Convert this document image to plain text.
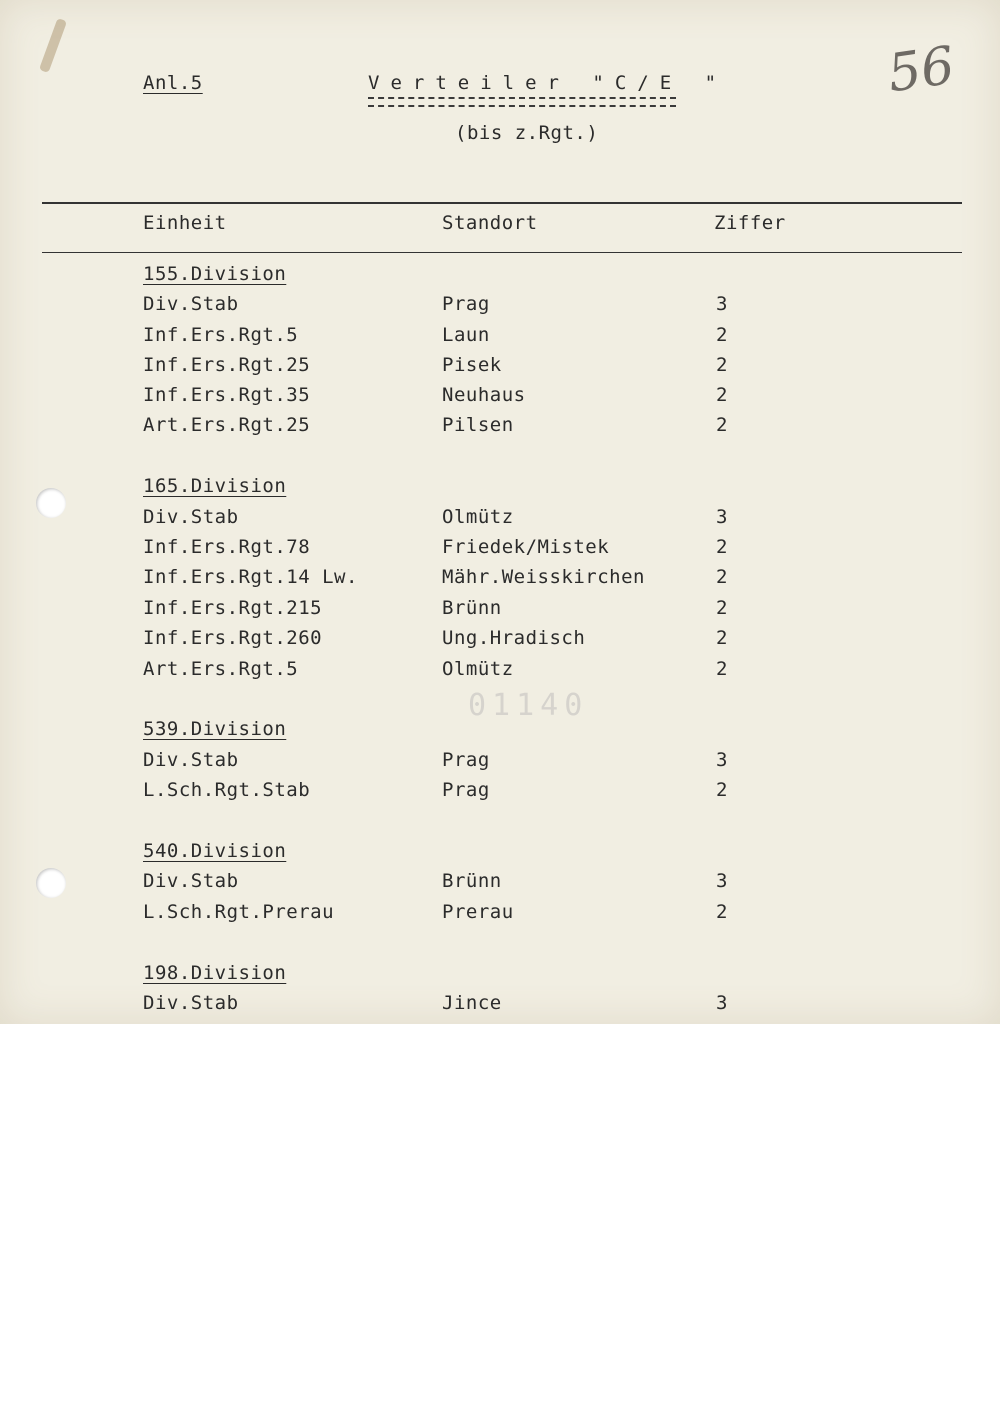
Anl.5	Verteiler "C/E "
(bis z.Rgt.)
56
Einheit	Standort	Ziffer
01140
155.Division
Div.Stab	Prag	3
Inf.Ers.Rgt.5	Laun	2
Inf.Ers.Rgt.25	Pisek	2
Inf.Ers.Rgt.35	Neuhaus	2
Art.Ers.Rgt.25	Pilsen	2
165.Division
Div.Stab	Olmütz	3
Inf.Ers.Rgt.78	Friedek/Mistek	2
Inf.Ers.Rgt.14 Lw.	Mähr.Weisskirchen	2
Inf.Ers.Rgt.215	Brünn	2
Inf.Ers.Rgt.260	Ung.Hradisch	2
Art.Ers.Rgt.5	Olmütz	2
539.Division
Div.Stab	Prag	3
L.Sch.Rgt.Stab	Prag	2
540.Division
Div.Stab	Brünn	3
L.Sch.Rgt.Prerau	Prerau	2
198.Division
Div.Stab	Jince	3
